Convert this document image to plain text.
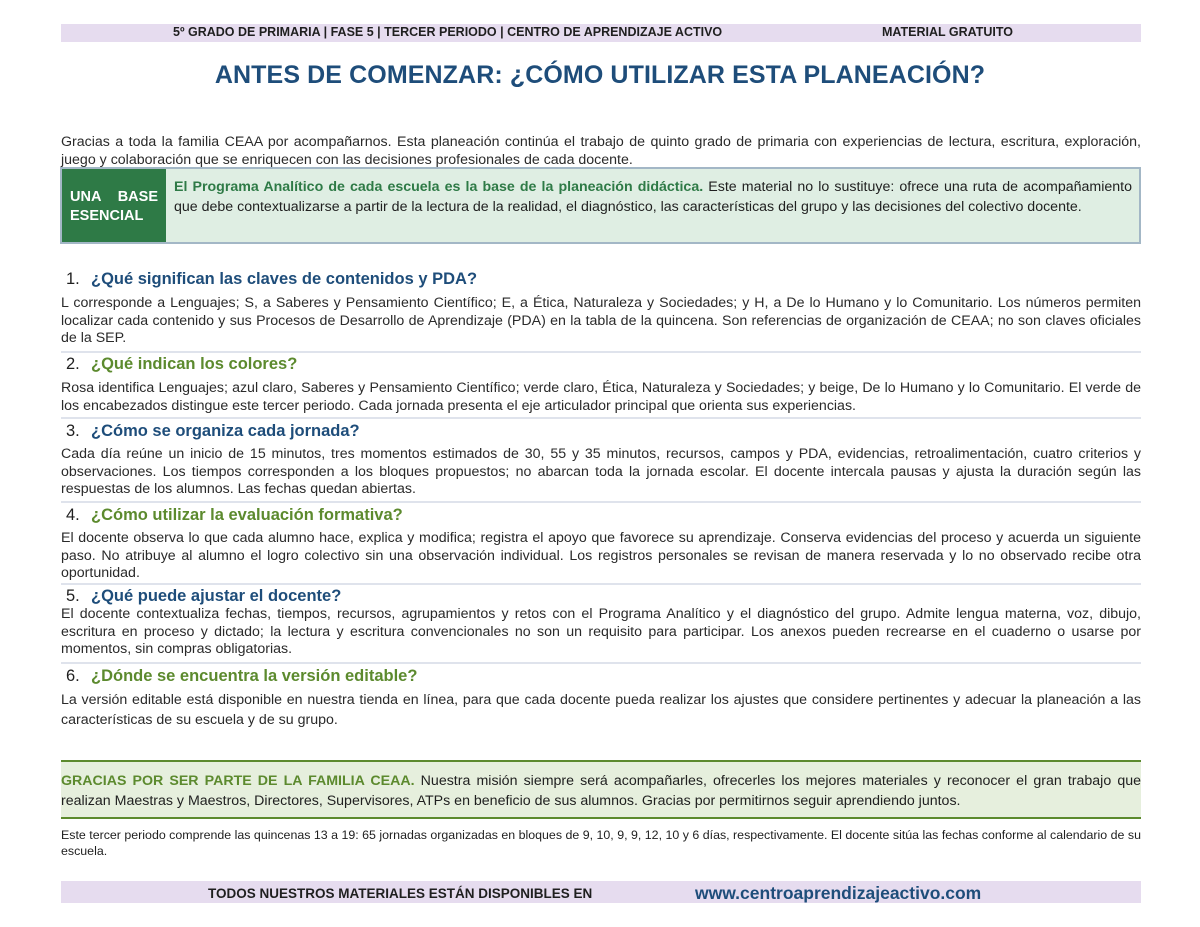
5º GRADO DE PRIMARIA | FASE 5 | TERCER PERIODO | CENTRO DE APRENDIZAJE ACTIVO	MATERIAL GRATUITO
ANTES DE COMENZAR: ¿CÓMO UTILIZAR ESTA PLANEACIÓN?

Gracias a toda la familia CEAA por acompañarnos. Esta planeación continúa el trabajo de quinto grado de primaria con experiencias de lectura, escritura, exploración, juego y colaboración que se enriquecen con las decisiones profesionales de cada docente.

UNA BASE
ESENCIAL

El Programa Analítico de cada escuela es la base de la planeación didáctica. Este material no lo sustituye: ofrece una ruta de acompañamiento que debe contextualizarse a partir de la lectura de la realidad, el diagnóstico, las características del grupo y las decisiones del colectivo docente.

1. ¿Qué significan las claves de contenidos y PDA?

L corresponde a Lenguajes; S, a Saberes y Pensamiento Científico; E, a Ética, Naturaleza y Sociedades; y H, a De lo Humano y lo Comunitario. Los números permiten localizar cada contenido y sus Procesos de Desarrollo de Aprendizaje (PDA) en la tabla de la quincena. Son referencias de organización de CEAA; no son claves oficiales de la SEP.

2. ¿Qué indican los colores?

Rosa identifica Lenguajes; azul claro, Saberes y Pensamiento Científico; verde claro, Ética, Naturaleza y Sociedades; y beige, De lo Humano y lo Comunitario. El verde de los encabezados distingue este tercer periodo. Cada jornada presenta el eje articulador principal que orienta sus experiencias.

3. ¿Cómo se organiza cada jornada?

Cada día reúne un inicio de 15 minutos, tres momentos estimados de 30, 55 y 35 minutos, recursos, campos y PDA, evidencias, retroalimentación, cuatro criterios y observaciones. Los tiempos corresponden a los bloques propuestos; no abarcan toda la jornada escolar. El docente intercala pausas y ajusta la duración según las respuestas de los alumnos. Las fechas quedan abiertas.

4. ¿Cómo utilizar la evaluación formativa?

El docente observa lo que cada alumno hace, explica y modifica; registra el apoyo que favorece su aprendizaje. Conserva evidencias del proceso y acuerda un siguiente paso. No atribuye al alumno el logro colectivo sin una observación individual. Los registros personales se revisan de manera reservada y lo no observado recibe otra oportunidad.

5. ¿Qué puede ajustar el docente?

El docente contextualiza fechas, tiempos, recursos, agrupamientos y retos con el Programa Analítico y el diagnóstico del grupo. Admite lengua materna, voz, dibujo, escritura en proceso y dictado; la lectura y escritura convencionales no son un requisito para participar. Los anexos pueden recrearse en el cuaderno o usarse por momentos, sin compras obligatorias.

6. ¿Dónde se encuentra la versión editable?

La versión editable está disponible en nuestra tienda en línea, para que cada docente pueda realizar los ajustes que considere pertinentes y adecuar la planeación a las características de su escuela y de su grupo.

GRACIAS POR SER PARTE DE LA FAMILIA CEAA. Nuestra misión siempre será acompañarles, ofrecerles los mejores materiales y reconocer el gran trabajo que realizan Maestras y Maestros, Directores, Supervisores, ATPs en beneficio de sus alumnos. Gracias por permitirnos seguir aprendiendo juntos.

Este tercer periodo comprende las quincenas 13 a 19: 65 jornadas organizadas en bloques de 9, 10, 9, 9, 12, 10 y 6 días, respectivamente. El docente sitúa las fechas conforme al calendario de su escuela.

TODOS NUESTROS MATERIALES ESTÁN DISPONIBLES EN	www.centroaprendizajeactivo.com
